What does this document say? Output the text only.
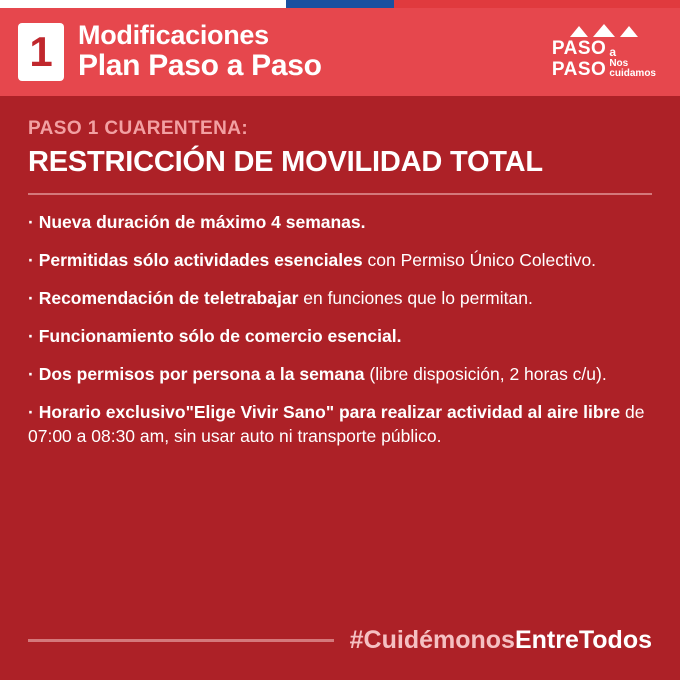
1 Modificaciones
Plan Paso a Paso
PASO a
PASO Nos
cuidamos
PASO 1 CUARENTENA:
RESTRICCIÓN DE MOVILIDAD TOTAL
· Nueva duración de máximo 4 semanas.
· Permitidas sólo actividades esenciales con Permiso Único Colectivo.
· Recomendación de teletrabajar en funciones que lo permitan.
· Funcionamiento sólo de comercio esencial.
· Dos permisos por persona a la semana (libre disposición, 2 horas c/u).
· Horario exclusivo"Elige Vivir Sano" para realizar actividad al aire libre de 07:00 a 08:30 am, sin usar auto ni transporte público.
#CuidémonosEntreTodos
